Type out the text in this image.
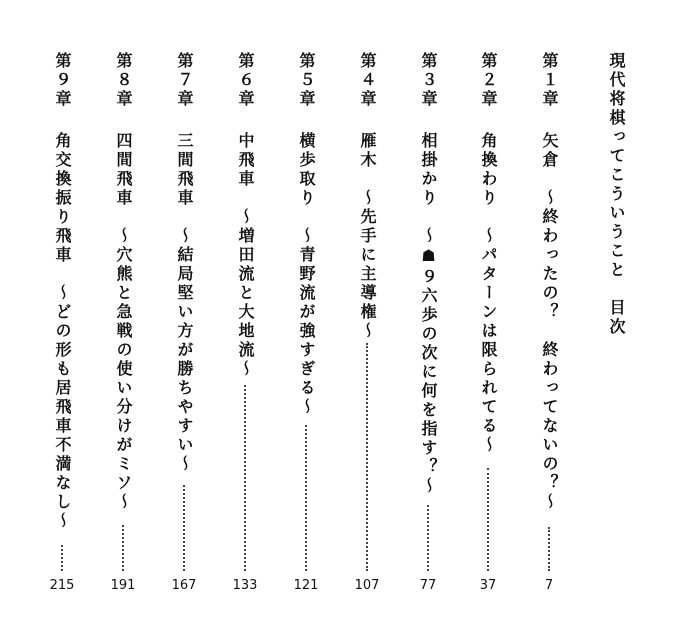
現代将棋ってこういうこと　目次
第１章
矢倉　～終わったの？　終わってないの？～
7
第２章
角換わり　～パターンは限られてる～
37
第３章
相掛かり　～☗９六歩の次に何を指す？～
77
第４章
雁木　～先手に主導権～
107
第５章
横歩取り　～青野流が強すぎる～
121
第６章
中飛車　～増田流と大地流～
133
第７章
三間飛車　～結局堅い方が勝ちやすい～
167
第８章
四間飛車　～穴熊と急戦の使い分けがミソ～
191
第９章
角交換振り飛車　～どの形も居飛車不満なし～
215
